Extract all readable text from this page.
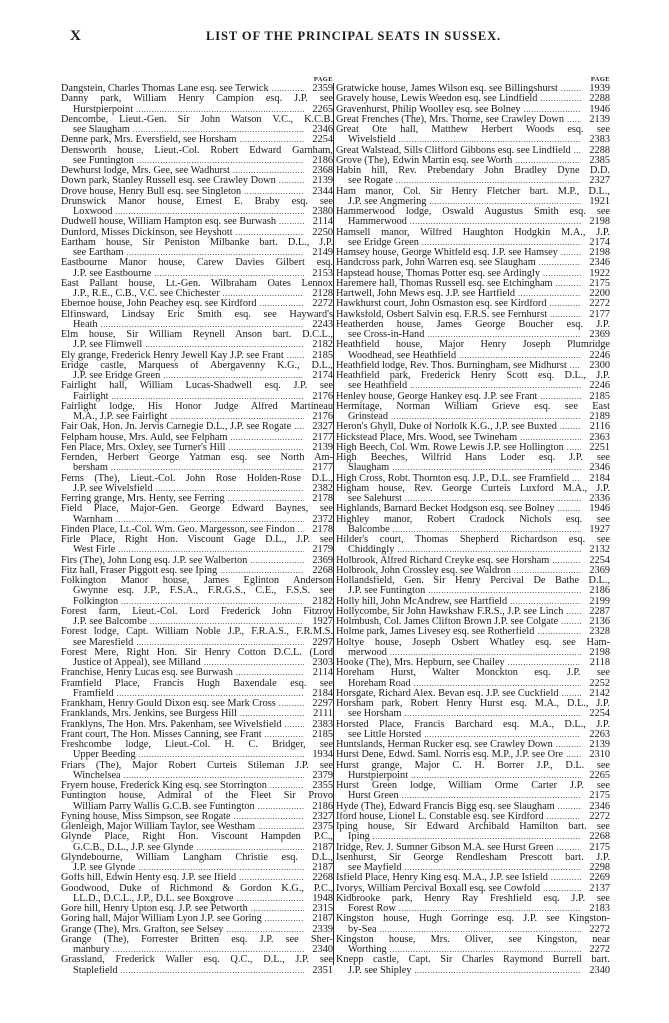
X	LIST OF THE PRINCIPAL SEATS IN SUSSEX.
PAGE
Dangstein, Charles Thomas Lane esq. see Terwick .....	2359
Danny park, William Henry Campion esq. J.P. see
Hurstpierpoint .....	2265
Dencombe, Lieut.-Gen. Sir John Watson V.C., K.C.B.
see Slaugham .....	2346
Denne park, Mrs. Eversfield, see Horsham .....	2254
Densworth house, Lieut.-Col. Robert Edward Garnham,
see Funtington .....	2186
Dewhurst lodge, Mrs. Gee, see Wadhurst .....	2368
Down park, Stanley Russell esq. see Crawley Down .....	2139
Drove house, Henry Bull esq. see Singleton .....	2344
Drunswick Manor house, Ernest E. Braby esq. see
Loxwood .....	2380
Dudwell house, William Hampton esq. see Burwash .....	2114
Dunford, Misses Dickinson, see Heyshott .....	2250
Eartham house, Sir Peniston Milbanke bart. D.L., J.P.
see Eartham .....	2149
Eastbourne Manor house, Carew Davies Gilbert esq.
J.P. see Eastbourne .....	2153
East Pallant house, Lt.-Gen. Wilbraham Oates Lennox
J.P., R.E., C.B., V.C. see Chichester .....	2128
Ebernoe house, John Peachey esq. see Kirdford .....	2272
Elfinsward, Lindsay Eric Smith esq. see Hayward's
Heath .....	2243
Elm house, Sir William Reynell Anson bart. D.C.L.,
J.P. see Flimwell .....	2182
Ely grange, Frederick Henry Jewell Kay J.P. see Frant .....	2185
Eridge castle, Marquess of Abergavenny K.G., D.L.,
J.P. see Eridge Green .....	2174
Fairlight hall, William Lucas-Shadwell esq. J.P. see
Fairlight .....	2176
Fairlight lodge, His Honor Judge Alfred Martineau
M.A., J.P. see Fairlight .....	2176
Fair Oak, Hon. Jn. Jervis Carnegie D.L., J.P. see Rogate .....	2327
Felpham house, Mrs. Auld, see Felpham .....	2177
Fen Place, Mrs. Oxley, see Turner's Hill .....	2139
Fernden, Herbert George Yatman esq. see North Am-
bersham .....	2177
Ferns (The), Lieut.-Col. John Rose Holden-Rose D.L.,
J.P. see Wivelsfield .....	2382
Ferring grange, Mrs. Henty, see Ferring .....	2178
Field Place, Major-Gen. George Edward Baynes, see
Warnham .....	2372
Finden Place, Lt.-Col. Wm. Geo. Margesson, see Findon .....	2178
Firle Place, Right Hon. Viscount Gage D.L., J.P. see
West Firle .....	2179
Firs (The), John Long esq. J.P. see Walberton .....	2369
Fitz hall, Fraser Piggott esq. see Iping .....	2268
Folkington Manor house, James Eglinton Anderson
Gwynne esq. J.P., F.S.A., F.R.G.S., C.E., F.S.S. see
Folkington .....	2182
Forest farm, Lieut.-Col. Lord Frederick John Fitzroy
J.P. see Balcombe .....	1927
Forest lodge, Capt. William Noble J.P., F.R.A.S., F.R.M.S.
see Maresfield .....	2297
Forest Mere, Right Hon. Sir Henry Cotton D.C.L. (Lord
Justice of Appeal), see Milland .....	2303
Franchise, Henry Lucas esq. see Burwash .....	2114
Framfield Place, Francis Hugh Baxendale esq. see
Framfield .....	2184
Frankham, Henry Gould Dixon esq. see Mark Cross .....	2297
Franklands, Mrs. Jenkins, see Burgess Hill .....	2111
Franklyns, The Hon. Mrs. Pakenham, see Wivelsfield .....	2383
Frant court, The Hon. Misses Canning, see Frant .....	2185
Freshcombe lodge, Lieut.-Col. H. C. Bridger, see
Upper Beeding .....	1934
Friars (The), Major Robert Curteis Stileman J.P. see
Winchelsea .....	2379
Fryern house, Frederick King esq. see Storrington .....	2355
Funtington house, Admiral of the Fleet Sir Provo
William Parry Wallis G.C.B. see Funtington .....	2186
Fyning house, Miss Simpson, see Rogate .....	2327
Glenleigh, Major William Taylor, see Westham .....	2375
Glynde Place, Right Hon. Viscount Hampden P.C.,
G.C.B., D.L., J.P. see Glynde .....	2187
Glyndebourne, William Langham Christie esq. D.L.,
J.P. see Glynde .....	2187
Goffs hill, Edwin Henty esq. J.P. see Ifield .....	2268
Goodwood, Duke of Richmond & Gordon K.G., P.C.,
LL.D., D.C.L., J.P., D.L. see Boxgrove .....	1948
Gore hill, Henry Upton esq. J.P. see Petworth .....	2315
Goring hall, Major William Lyon J.P. see Goring .....	2187
Grange (The), Mrs. Grafton, see Selsey .....	2339
Grange (The), Forrester Britten esq. J.P. see Sher-
manbury .....	2340
Grassland, Frederick Waller esq. Q.C., D.L., J.P. see
Staplefield .....	2351
PAGE
Gratwicke house, James Wilson esq. see Billingshurst .....	1939
Gravely house, Lewis Weedon esq. see Lindfield .....	2288
Gravenhurst, Philip Woolley esq. see Bolney .....	1946
Great Frenches (The), Mrs. Thorne, see Crawley Down .....	2139
Great Ote hall, Matthew Herbert Woods esq. see
Wivelsfield .....	2383
Great Walstead, Sills Clifford Gibbons esq. see Lindfield .....	2288
Grove (The), Edwin Martin esq. see Worth .....	2385
Habin hill, Rev. Prebendary John Bradley Dyne D.D.
see Rogate .....	2327
Ham manor, Col. Sir Henry Fletcher bart. M.P., D.L.,
J.P. see Angmering .....	1921
Hammerwood lodge, Oswald Augustus Smith esq. see
Hammerwood .....	2198
Hamsell manor, Wilfred Haughton Hodgkin M.A., J.P.
see Eridge Green .....	2174
Hamsey house, George Whitfeld esq. J.P. see Hamsey .....	2198
Handcross park, John Warren esq. see Slaugham .....	2346
Hapstead house, Thomas Potter esq. see Ardingly .....	1922
Haremere hall, Thomas Russell esq. see Etchingham .....	2175
Hartwell, John Mews esq. J.P. see Hartfield .....	2200
Hawkhurst court, John Osmaston esq. see Kirdford .....	2272
Hawksfold, Osbert Salvin esq. F.R.S. see Fernhurst .....	2177
Heatherden house, James George Boucher esq. J.P.
see Cross-in-Hand .....	2369
Heathfield house, Major Henry Joseph Plumridge
Woodhead, see Heathfield .....	2246
Heathfield lodge, Rev. Thos. Burningham, see Midhurst .....	2300
Heathfield park, Frederick Henry Scott esq. D.L., J.P.
see Heathfield .....	2246
Henley house, George Hankey esq. J.P. see Frant .....	2185
Hermitage, Norman William Grieve esq. see East
Grinstead .....	2189
Heron's Ghyll, Duke of Norfolk K.G., J.P. see Buxted .....	2116
Hickstead Place, Mrs. Wood, see Twineham .....	2363
High Beech, Col. Wm. Rowe Lewis J.P. see Hollington .....	2251
High Beeches, Wilfrid Hans Loder esq. J.P. see
Slaugham .....	2346
High Cross, Robt. Thornton esq. J.P., D.L. see Framfield .....	2184
Higham house, Rev. George Curteis Luxford M.A., J.P.
see Salehurst .....	2336
Highlands, Barnard Becket Hodgson esq. see Bolney .....	1946
Highley manor, Robert Cradock Nichols esq. see
Balcombe .....	1927
Hilder's court, Thomas Shepherd Richardson esq. see
Chiddingly .....	2132
Holbrook, Alfred Richard Creyke esq. see Horsham .....	2254
Holbrook, John Crossley esq. see Waldron .....	2369
Hollandsfield, Gen. Sir Henry Percival De Bathe D.L.,
J.P. see Funtington .....	2186
Holly hill, John McAndrew, see Hartfield .....	2199
Hollycombe, Sir John Hawkshaw F.R.S., J.P. see Linch .....	2287
Holmbush, Col. James Clifton Brown J.P. see Colgate .....	2136
Holme park, James Livesey esq. see Rotherfield .....	2328
Holtye house, Joseph Osbert Whatley esq. see Ham-
merwood .....	2198
Hooke (The), Mrs. Hepburn, see Chailey .....	2118
Horeham Hurst, Walter Monckton esq. J.P. see
Horeham Road .....	2252
Horsgate, Richard Alex. Bevan esq. J.P. see Cuckfield .....	2142
Horsham park, Robert Henry Hurst esq. M.A., D.L., J.P.
see Horsham .....	2254
Horsted Place, Francis Barchard esq. M.A., D.L., J.P.
see Little Horsted .....	2263
Huntslands, Herman Rucker esq. see Crawley Down .....	2139
Hurst Dene, Edwd. Saml. Norris esq. M.P., J.P. see Ore .....	2310
Hurst grange, Major C. H. Borrer J.P., D.L. see
Hurstpierpoint .....	2265
Hurst Green lodge, William Orme Carter J.P. see
Hurst Green .....	2175
Hyde (The), Edward Francis Bigg esq. see Slaugham .....	2346
Iford house, Lionel L. Constable esq. see Kirdford .....	2272
Iping house, Sir Edward Archibald Hamilton bart. see
Iping .....	2268
Iridge, Rev. J. Sumner Gibson M.A. see Hurst Green .....	2175
Isenhurst, Sir George Rendlesham Prescott bart. J.P.
see Mayfield .....	2298
Isfield Place, Henry King esq. M.A., J.P. see Isfield .....	2269
Ivorys, William Percival Boxall esq. see Cowfold .....	2137
Kidbrooke park, Henry Ray Freshfield esq. J.P. see
Forest Row .....	2183
Kingston house, Hugh Gorringe esq. J.P. see Kingston-
by-Sea .....	2272
Kingston house, Mrs. Oliver, see Kingston, near
Worthing .....	2272
Knepp castle, Capt. Sir Charles Raymond Burrell bart.
J.P. see Shipley .....	2340
